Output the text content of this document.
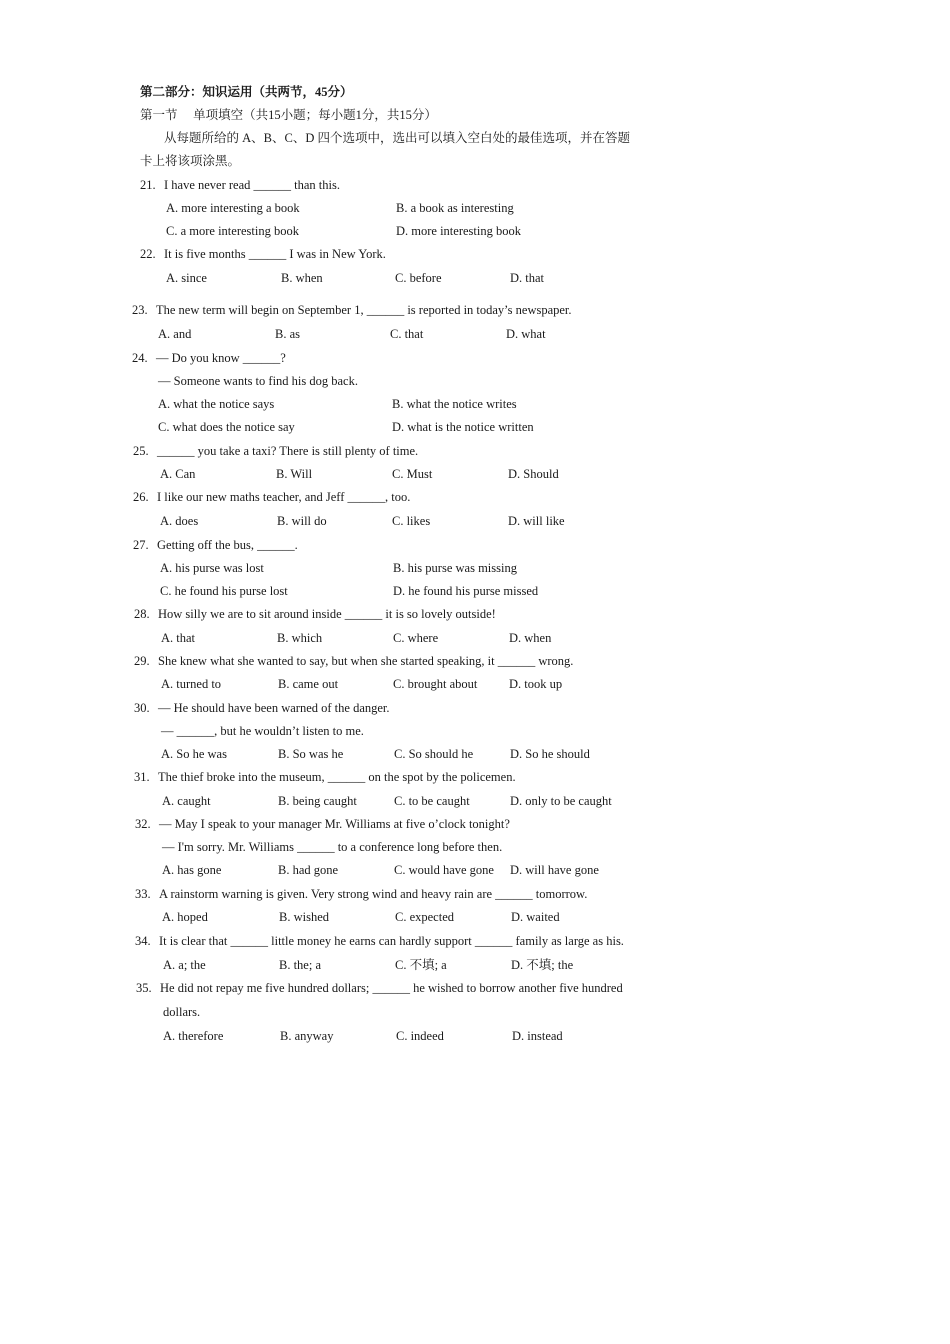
第二部分：知识运用（共两节，45分）
第一节　 单项填空（共15小题；每小题1分，共15分）
从每题所给的 A、B、C、D 四个选项中，选出可以填入空白处的最佳选项，并在答题
卡上将该项涂黑。
21. I have never read ______ than this.
A. more interesting a book	B. a book as interesting
C. a more interesting book	D. more interesting book
22. It is five months ______ I was in New York.
A. since	B. when	C. before	D. that
23. The new term will begin on September 1, ______ is reported in today’s newspaper.
A. and	B. as	C. that	D. what
24. — Do you know ______?
— Someone wants to find his dog back.
A. what the notice says	B. what the notice writes
C. what does the notice say	D. what is the notice written
25. ______ you take a taxi? There is still plenty of time.
A. Can	B. Will	C. Must	D. Should
26. I like our new maths teacher, and Jeff ______, too.
A. does	B. will do	C. likes	D. will like
27. Getting off the bus, ______.
A. his purse was lost	B. his purse was missing
C. he found his purse lost	D. he found his purse missed
28. How silly we are to sit around inside ______ it is so lovely outside!
A. that	B. which	C. where	D. when
29. She knew what she wanted to say, but when she started speaking, it ______ wrong.
A. turned to	B. came out	C. brought about	D. took up
30. — He should have been warned of the danger.
— ______, but he wouldn’t listen to me.
A. So he was	B. So was he	C. So should he	D. So he should
31. The thief broke into the museum, ______ on the spot by the policemen.
A. caught	B. being caught	C. to be caught	D. only to be caught
32. — May I speak to your manager Mr. Williams at five o’clock tonight?
— I'm sorry. Mr. Williams ______ to a conference long before then.
A. has gone	B. had gone	C. would have gone D. will have gone
33. A rainstorm warning is given. Very strong wind and heavy rain are ______ tomorrow.
A. hoped	B. wished	C. expected	D. waited
34. It is clear that ______ little money he earns can hardly support ______ family as large as his.
A. a; the	B. the; a	C. 不填; a	D. 不填; the
35. He did not repay me five hundred dollars; ______ he wished to borrow another five hundred
dollars.
A. therefore	B. anyway	C. indeed	D. instead
